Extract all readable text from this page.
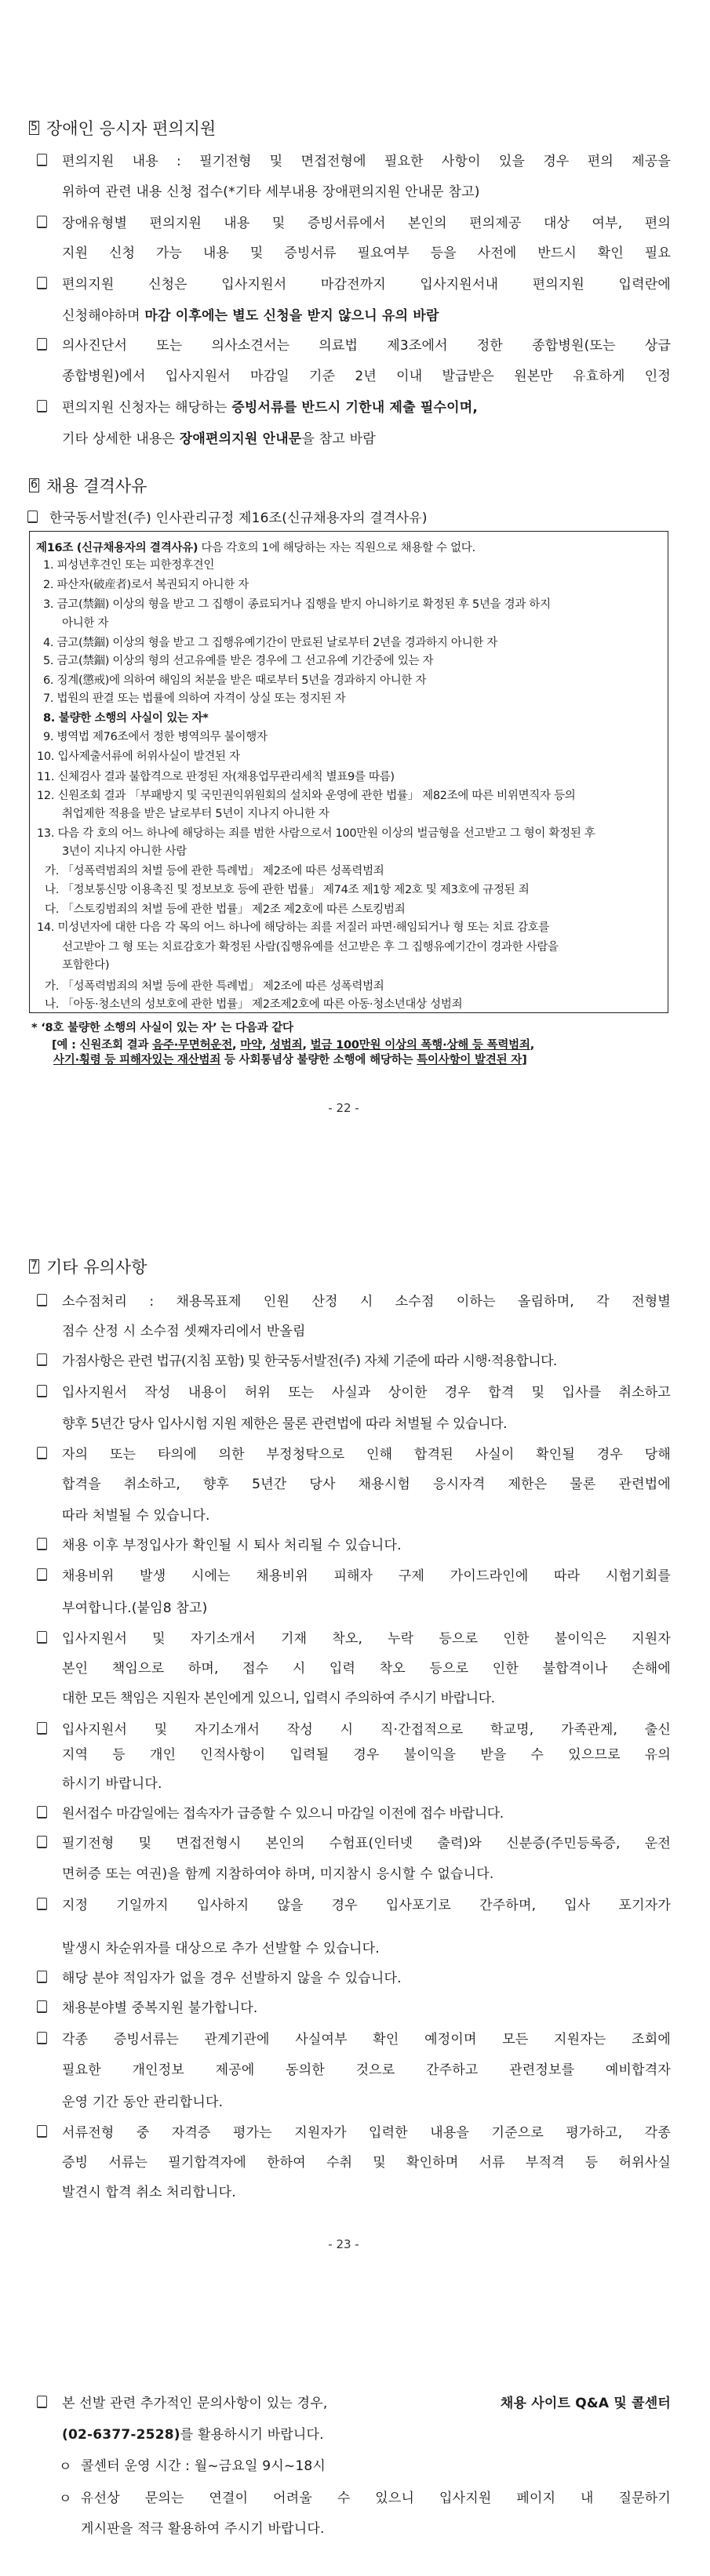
5 장애인 응시자 편의지원
편의지원 내용 : 필기전형 및 면접전형에 필요한 사항이 있을 경우 편의 제공을
위하여 관련 내용 신청 접수(*기타 세부내용 장애편의지원 안내문 참고)
장애유형별 편의지원 내용 및 증빙서류에서 본인의 편의제공 대상 여부, 편의
지원 신청 가능 내용 및 증빙서류 필요여부 등을 사전에 반드시 확인 필요
편의지원 신청은 입사지원서 마감전까지 입사지원서내 편의지원 입력란에
신청해야하며 마감 이후에는 별도 신청을 받지 않으니 유의 바람
의사진단서 또는 의사소견서는 의료법 제3조에서 정한 종합병원(또는 상급
종합병원)에서 입사지원서 마감일 기준 2년 이내 발급받은 원본만 유효하게 인정
편의지원 신청자는 해당하는 증빙서류를 반드시 기한내 제출 필수이며,
기타 상세한 내용은 장애편의지원 안내문을 참고 바람
6 채용 결격사유
한국동서발전(주) 인사관리규정 제16조(신규채용자의 결격사유)
제16조 (신규채용자의 결격사유) 다음 각호의 1에 해당하는 자는 직원으로 채용할 수 없다.
1. 피성년후견인 또는 피한정후견인
2. 파산자(破産者)로서 복권되지 아니한 자
3. 금고(禁錮) 이상의 형을 받고 그 집행이 종료되거나 집행을 받지 아니하기로 확정된 후 5년을 경과 하지
아니한 자
4. 금고(禁錮) 이상의 형을 받고 그 집행유예기간이 만료된 날로부터 2년을 경과하지 아니한 자
5. 금고(禁錮) 이상의 형의 선고유예를 받은 경우에 그 선고유예 기간중에 있는 자
6. 징계(懲戒)에 의하여 해임의 처분을 받은 때로부터 5년을 경과하지 아니한 자
7. 법원의 판결 또는 법률에 의하여 자격이 상실 또는 정지된 자
8. 불량한 소행의 사실이 있는 자*
9. 병역법 제76조에서 정한 병역의무 불이행자
10. 입사제출서류에 허위사실이 발견된 자
11. 신체검사 결과 불합격으로 판정된 자(채용업무관리세칙 별표9를 따름)
12. 신원조회 결과 「부패방지 및 국민권익위원회의 설치와 운영에 관한 법률」 제82조에 따른 비위면직자 등의
취업제한 적용을 받은 날로부터 5년이 지나지 아니한 자
13. 다음 각 호의 어느 하나에 해당하는 죄를 범한 사람으로서 100만원 이상의 벌금형을 선고받고 그 형이 확정된 후
3년이 지나지 아니한 사람
가. 「성폭력범죄의 처벌 등에 관한 특례법」 제2조에 따른 성폭력범죄
나. 「정보통신망 이용촉진 및 정보보호 등에 관한 법률」 제74조 제1항 제2호 및 제3호에 규정된 죄
다. 「스토킹범죄의 처벌 등에 관한 법률」 제2조 제2호에 따른 스토킹범죄
14. 미성년자에 대한 다음 각 목의 어느 하나에 해당하는 죄를 저질러 파면·해임되거나 형 또는 치료 감호를
선고받아 그 형 또는 치료감호가 확정된 사람(집행유예를 선고받은 후 그 집행유예기간이 경과한 사람을
포함한다)
가. 「성폭력범죄의 처벌 등에 관한 특례법」 제2조에 따른 성폭력범죄
나. 「아동·청소년의 성보호에 관한 법률」 제2조제2호에 따른 아동·청소년대상 성범죄
* ‘8호 불량한 소행의 사실이 있는 자’ 는 다음과 같다
[예 : 신원조회 결과 음주·무면허운전, 마약, 성범죄, 벌금 100만원 이상의 폭행·상해 등 폭력범죄,
사기·횡령 등 피해자있는 재산범죄 등 사회통념상 불량한 소행에 해당하는 특이사항이 발견된 자]
- 22 -
7 기타 유의사항
소수점처리 : 채용목표제 인원 산정 시 소수점 이하는 올림하며, 각 전형별
점수 산정 시 소수점 셋째자리에서 반올림
가점사항은 관련 법규(지침 포함) 및 한국동서발전(주) 자체 기준에 따라 시행·적용합니다.
입사지원서 작성 내용이 허위 또는 사실과 상이한 경우 합격 및 입사를 취소하고
향후 5년간 당사 입사시험 지원 제한은 물론 관련법에 따라 처벌될 수 있습니다.
자의 또는 타의에 의한 부정청탁으로 인해 합격된 사실이 확인될 경우 당해
합격을 취소하고, 향후 5년간 당사 채용시험 응시자격 제한은 물론 관련법에
따라 처벌될 수 있습니다.
채용 이후 부정입사가 확인될 시 퇴사 처리될 수 있습니다.
채용비위 발생 시에는 채용비위 피해자 구제 가이드라인에 따라 시험기회를
부여합니다.(붙임8 참고)
입사지원서 및 자기소개서 기재 착오, 누락 등으로 인한 불이익은 지원자
본인 책임으로 하며, 접수 시 입력 착오 등으로 인한 불합격이나 손해에
대한 모든 책임은 지원자 본인에게 있으니, 입력시 주의하여 주시기 바랍니다.
입사지원서 및 자기소개서 작성 시 직·간접적으로 학교명, 가족관계, 출신
지역 등 개인 인적사항이 입력될 경우 불이익을 받을 수 있으므로 유의
하시기 바랍니다.
원서접수 마감일에는 접속자가 급증할 수 있으니 마감일 이전에 접수 바랍니다.
필기전형 및 면접전형시 본인의 수험표(인터넷 출력)와 신분증(주민등록증, 운전
면허증 또는 여권)을 함께 지참하여야 하며, 미지참시 응시할 수 없습니다.
지정 기일까지 입사하지 않을 경우 입사포기로 간주하며, 입사 포기자가
발생시 차순위자를 대상으로 추가 선발할 수 있습니다.
해당 분야 적임자가 없을 경우 선발하지 않을 수 있습니다.
채용분야별 중복지원 불가합니다.
각종 증빙서류는 관계기관에 사실여부 확인 예정이며 모든 지원자는 조회에
필요한 개인정보 제공에 동의한 것으로 간주하고 관련정보를 예비합격자
운영 기간 동안 관리합니다.
서류전형 중 자격증 평가는 지원자가 입력한 내용을 기준으로 평가하고, 각종
증빙 서류는 필기합격자에 한하여 수취 및 확인하며 서류 부적격 등 허위사실
발견시 합격 취소 처리합니다.
- 23 -
본 선발 관련 추가적인 문의사항이 있는 경우,	채용 사이트 Q&A 및 콜센터
(02-6377-2528)를 활용하시기 바랍니다.
ㅇ 콜센터 운영 시간 : 월~금요일 9시~18시
ㅇ 유선상 문의는 연결이 어려울 수 있으니 입사지원 페이지 내 질문하기
게시판을 적극 활용하여 주시기 바랍니다.
